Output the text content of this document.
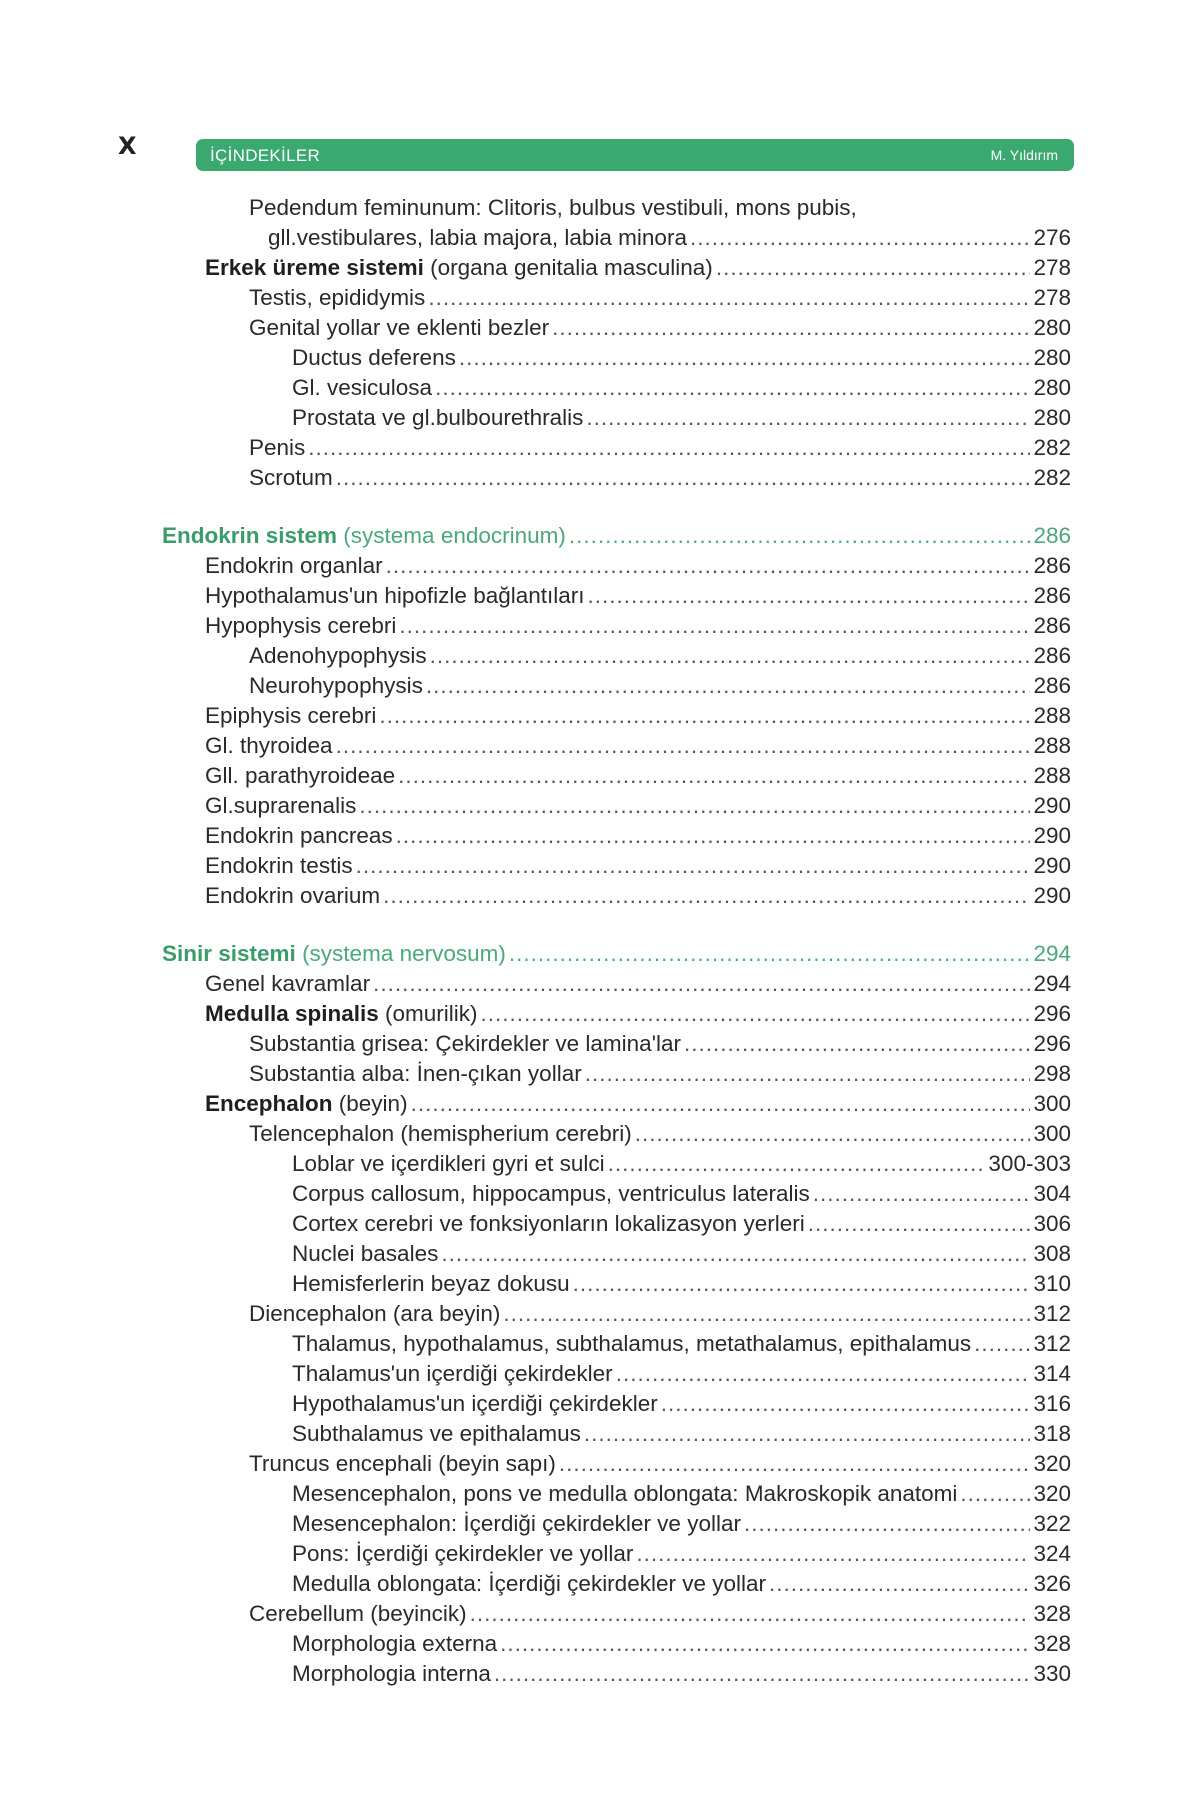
X	İÇİNDEKİLER	M. Yıldırım
Pedendum feminunum: Clitoris, bulbus vestibuli, mons pubis,
gll.vestibulares, labia majora, labia minora .....	276
Erkek üreme sistemi (organa genitalia masculina) .....	278
Testis, epididymis .....	278
Genital yollar ve eklenti bezler .....	280
Ductus deferens .....	280
Gl. vesiculosa .....	280
Prostata ve gl.bulbourethralis .....	280
Penis .....	282
Scrotum .....	282
Endokrin sistem (systema endocrinum) .....	286
Endokrin organlar .....	286
Hypothalamus'un hipofizle bağlantıları .....	286
Hypophysis cerebri .....	286
Adenohypophysis .....	286
Neurohypophysis .....	286
Epiphysis cerebri .....	288
Gl. thyroidea .....	288
Gll. parathyroideae .....	288
Gl.suprarenalis .....	290
Endokrin pancreas .....	290
Endokrin testis .....	290
Endokrin ovarium .....	290
Sinir sistemi (systema nervosum) .....	294
Genel kavramlar .....	294
Medulla spinalis (omurilik) .....	296
Substantia grisea: Çekirdekler ve lamina'lar .....	296
Substantia alba: İnen-çıkan yollar .....	298
Encephalon (beyin) .....	300
Telencephalon (hemispherium cerebri) .....	300
Loblar ve içerdikleri gyri et sulci .....	300-303
Corpus callosum, hippocampus, ventriculus lateralis .....	304
Cortex cerebri ve fonksiyonların lokalizasyon yerleri .....	306
Nuclei basales .....	308
Hemisferlerin beyaz dokusu .....	310
Diencephalon (ara beyin) .....	312
Thalamus, hypothalamus, subthalamus, metathalamus, epithalamus .....	312
Thalamus'un içerdiği çekirdekler .....	314
Hypothalamus'un içerdiği çekirdekler .....	316
Subthalamus ve epithalamus .....	318
Truncus encephali (beyin sapı) .....	320
Mesencephalon, pons ve medulla oblongata: Makroskopik anatomi .....	320
Mesencephalon: İçerdiği çekirdekler ve yollar .....	322
Pons: İçerdiği çekirdekler ve yollar .....	324
Medulla oblongata: İçerdiği çekirdekler ve yollar .....	326
Cerebellum (beyincik) .....	328
Morphologia externa .....	328
Morphologia interna .....	330
